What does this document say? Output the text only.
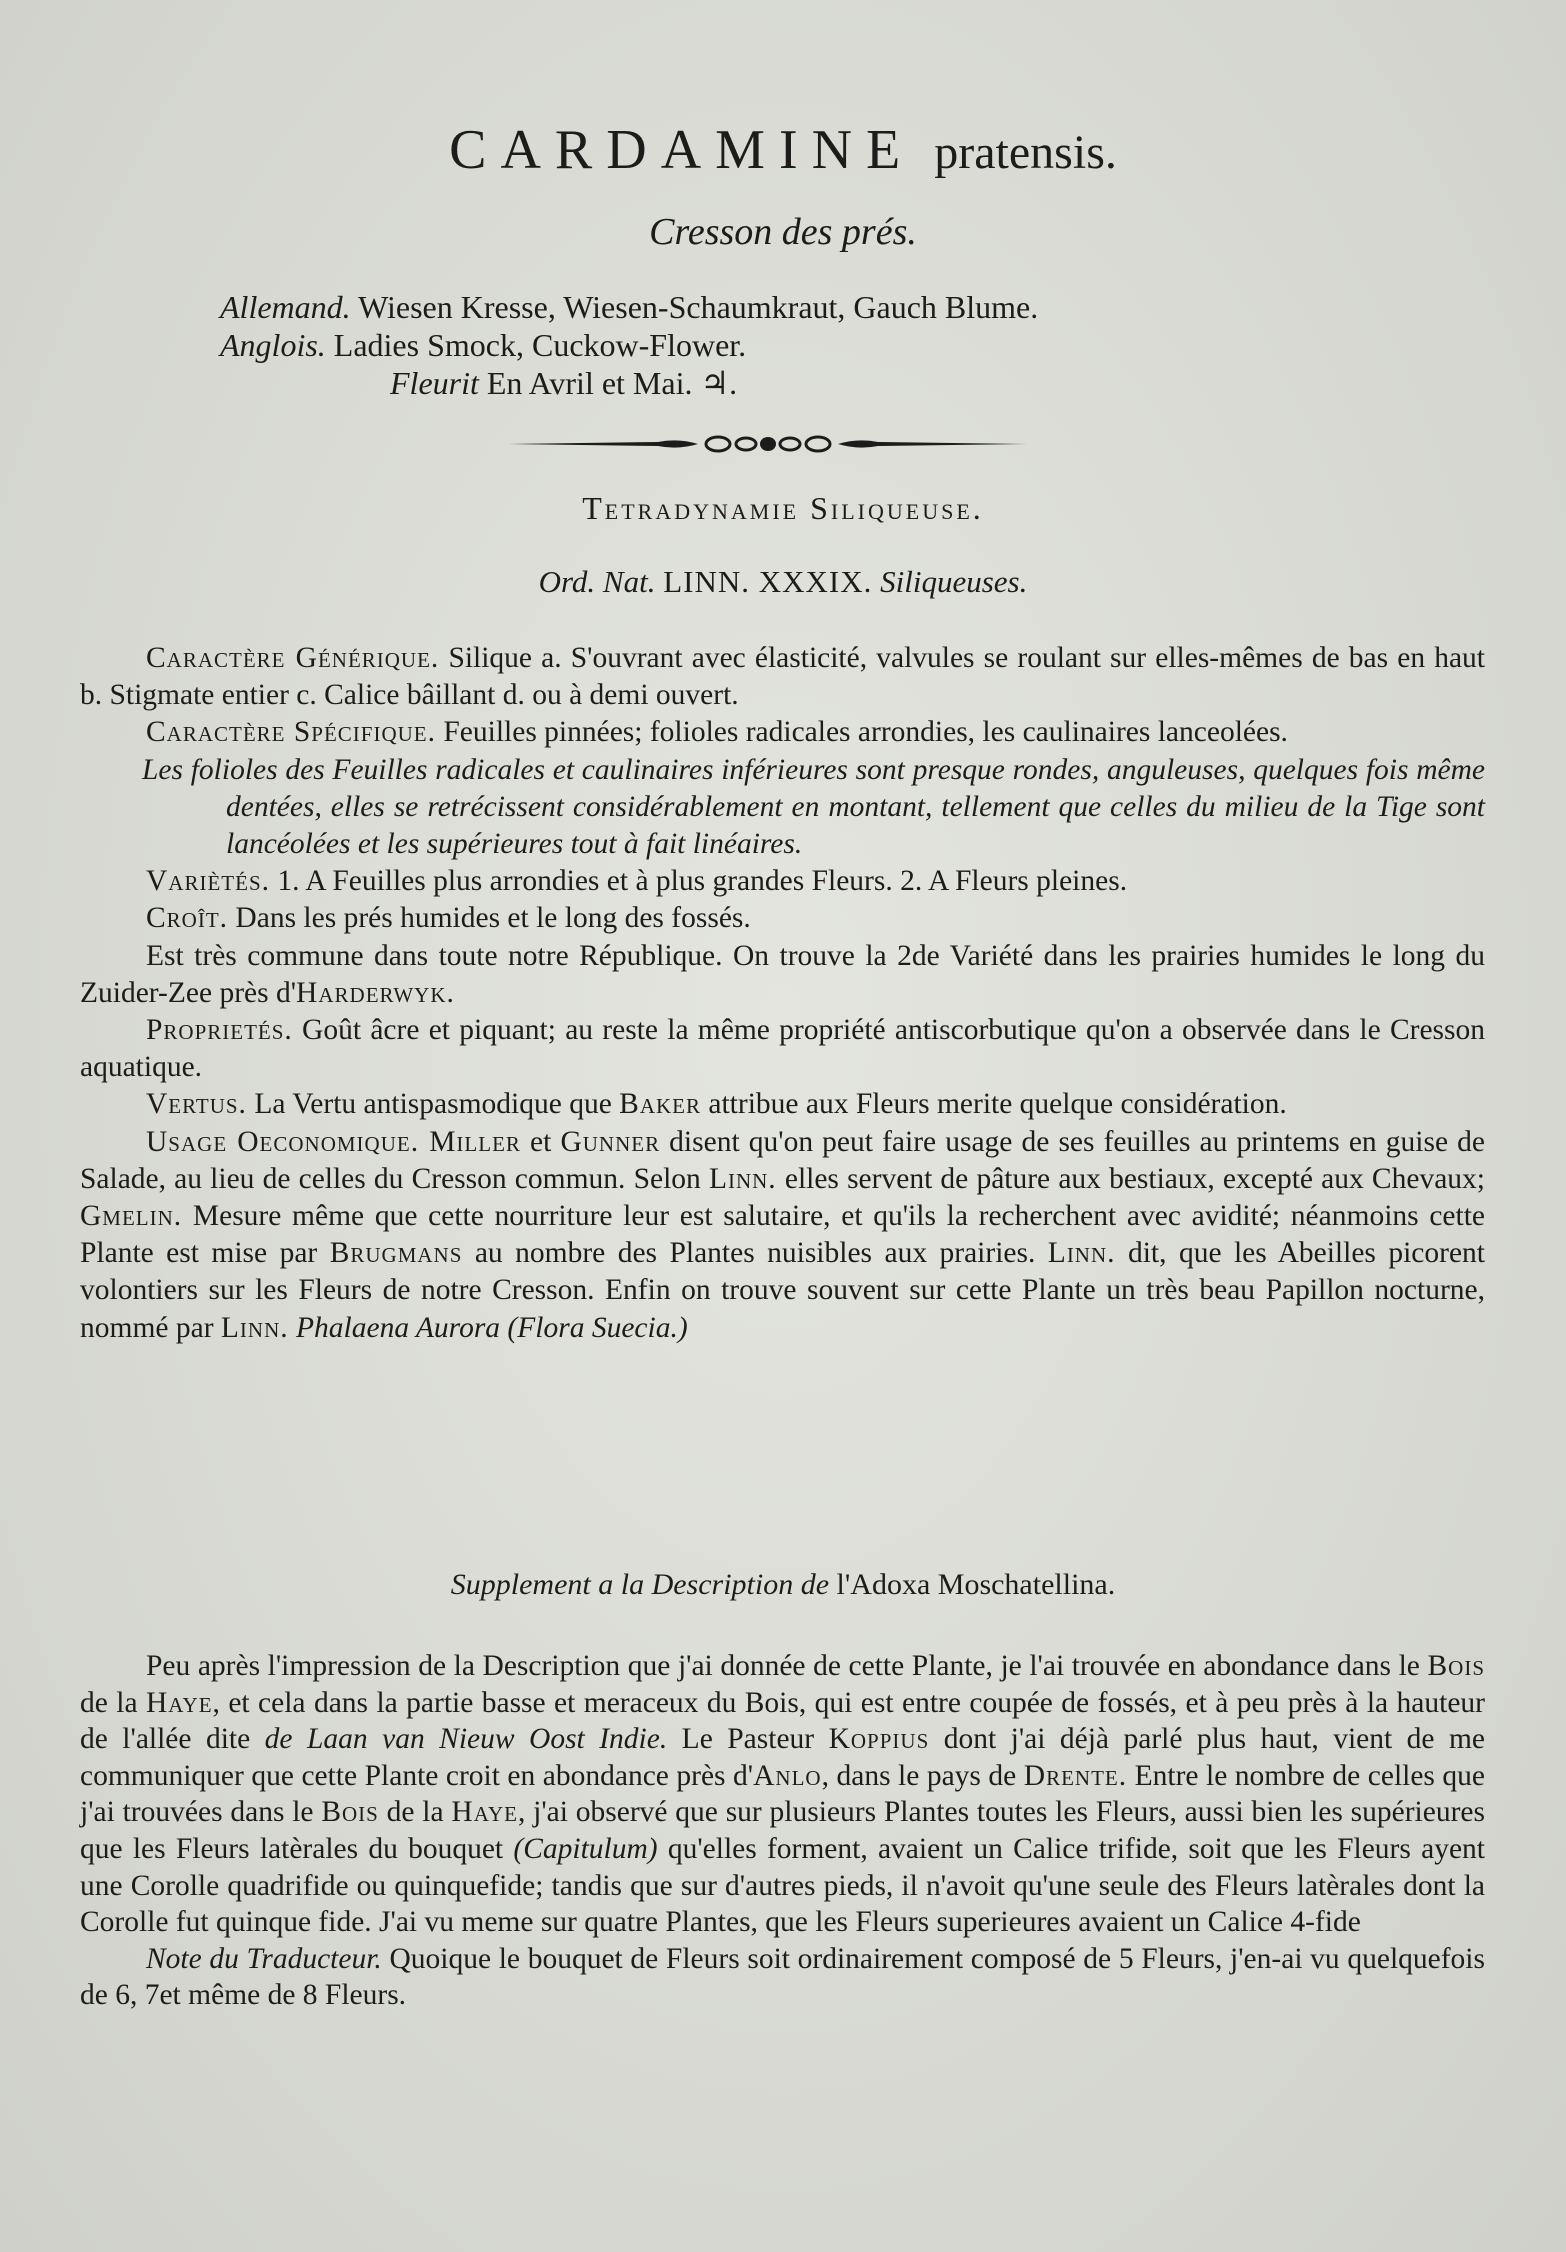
CARDAMINE pratensis.
Cresson des prés.
Allemand. Wiesen Kresse, Wiesen-Schaumkraut, Gauch Blume.
Anglois. Ladies Smock, Cuckow-Flower.
Fleurit En Avril et Mai. ♃.
Tetradynamie Siliqueuse.
Ord. Nat. LINN. XXXIX. Siliqueuses.

Caractère Générique. Silique a. S'ouvrant avec élasticité, valvules se roulant sur elles-mêmes de bas en haut b. Stigmate entier c. Calice bâillant d. ou à demi ouvert.

Caractère Spécifique. Feuilles pinnées; folioles radicales arrondies, les caulinaires lanceolées.

Les folioles des Feuilles radicales et caulinaires inférieures sont presque rondes, anguleuses, quelques fois même dentées, elles se retrécissent considérablement en montant, tellement que celles du milieu de la Tige sont lancéolées et les supérieures tout à fait linéaires.

Variètés. 1. A Feuilles plus arrondies et à plus grandes Fleurs. 2. A Fleurs pleines.

Croît. Dans les prés humides et le long des fossés.

Est très commune dans toute notre République. On trouve la 2de Variété dans les prairies humides le long du Zuider-Zee près d'Harderwyk.

Proprietés. Goût âcre et piquant; au reste la même propriété antiscorbutique qu'on a observée dans le Cresson aquatique.

Vertus. La Vertu antispasmodique que Baker attribue aux Fleurs merite quelque considération.

Usage Oeconomique. Miller et Gunner disent qu'on peut faire usage de ses feuilles au printems en guise de Salade, au lieu de celles du Cresson commun. Selon Linn. elles servent de pâture aux bestiaux, excepté aux Chevaux; Gmelin. Mesure même que cette nourriture leur est salutaire, et qu'ils la recherchent avec avidité; néanmoins cette Plante est mise par Brugmans au nombre des Plantes nuisibles aux prairies. Linn. dit, que les Abeilles picorent volontiers sur les Fleurs de notre Cresson. Enfin on trouve souvent sur cette Plante un très beau Papillon nocturne, nommé par Linn. Phalaena Aurora (Flora Suecia.)

Supplement a la Description de l'Adoxa Moschatellina.

Peu après l'impression de la Description que j'ai donnée de cette Plante, je l'ai trouvée en abondance dans le Bois de la Haye, et cela dans la partie basse et meraceux du Bois, qui est entre coupée de fossés, et à peu près à la hauteur de l'allée dite de Laan van Nieuw Oost Indie. Le Pasteur Koppius dont j'ai déjà parlé plus haut, vient de me communiquer que cette Plante croit en abondance près d'Anlo, dans le pays de Drente. Entre le nombre de celles que j'ai trouvées dans le Bois de la Haye, j'ai observé que sur plusieurs Plantes toutes les Fleurs, aussi bien les supérieures que les Fleurs latèrales du bouquet (Capitulum) qu'elles forment, avaient un Calice trifide, soit que les Fleurs ayent une Corolle quadrifide ou quinquefide; tandis que sur d'autres pieds, il n'avoit qu'une seule des Fleurs latèrales dont la Corolle fut quinque fide. J'ai vu meme sur quatre Plantes, que les Fleurs superieures avaient un Calice 4-fide

Note du Traducteur. Quoique le bouquet de Fleurs soit ordinairement composé de 5 Fleurs, j'en-ai vu quelquefois de 6, 7et même de 8 Fleurs.
